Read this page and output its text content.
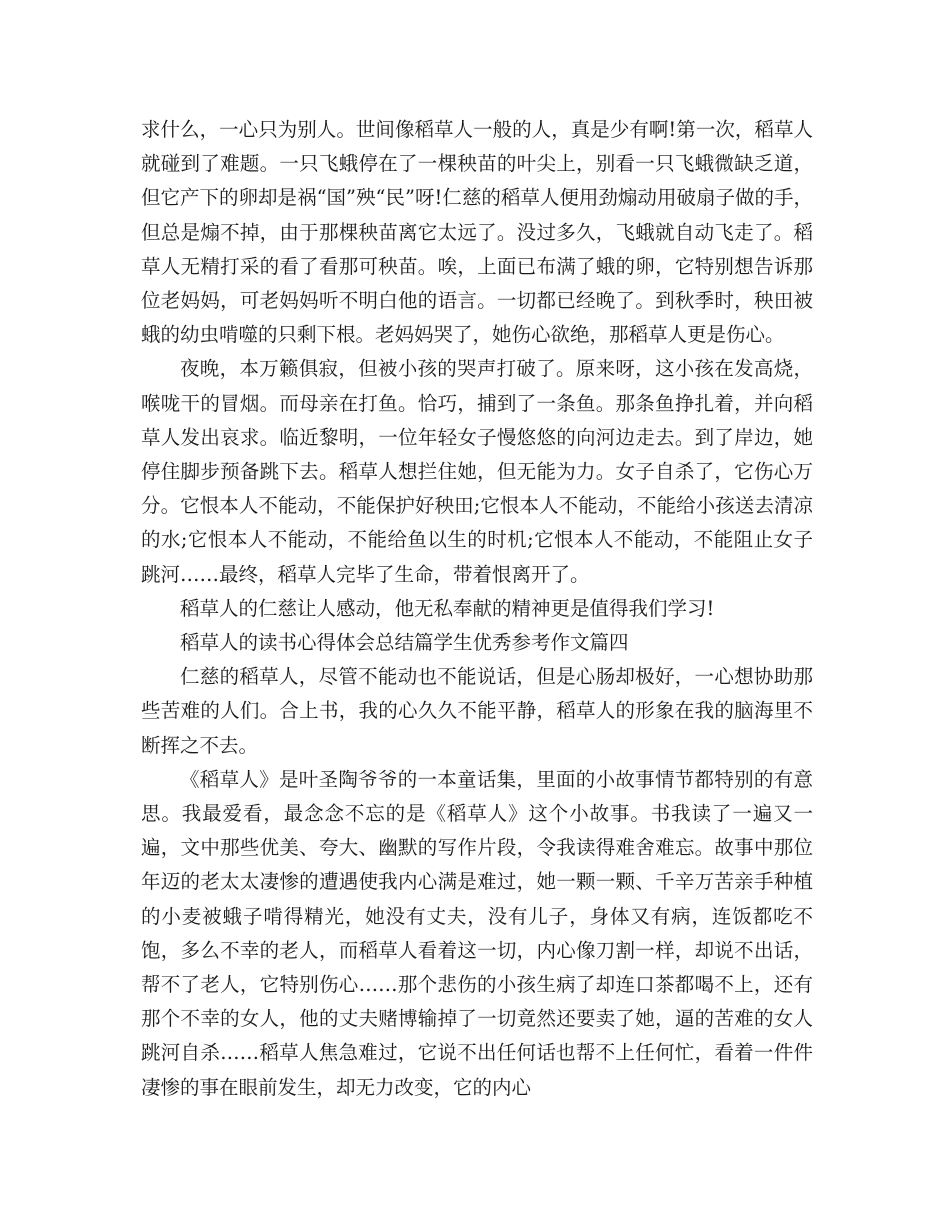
求什么，一心只为别人。世间像稻草人一般的人，真是少有啊!第一次，稻草人就碰到了难题。一只飞蛾停在了一棵秧苗的叶尖上，别看一只飞蛾微缺乏道，但它产下的卵却是祸“国”殃“民”呀!仁慈的稻草人便用劲煽动用破扇子做的手，但总是煽不掉，由于那棵秧苗离它太远了。没过多久，飞蛾就自动飞走了。稻草人无精打采的看了看那可秧苗。唉，上面已布满了蛾的卵，它特别想告诉那位老妈妈，可老妈妈听不明白他的语言。一切都已经晚了。到秋季时，秧田被蛾的幼虫啃噬的只剩下根。老妈妈哭了，她伤心欲绝，那稻草人更是伤心。

夜晚，本万籁俱寂，但被小孩的哭声打破了。原来呀，这小孩在发高烧，喉咙干的冒烟。而母亲在打鱼。恰巧，捕到了一条鱼。那条鱼挣扎着，并向稻草人发出哀求。临近黎明，一位年轻女子慢悠悠的向河边走去。到了岸边，她停住脚步预备跳下去。稻草人想拦住她，但无能为力。女子自杀了，它伤心万分。它恨本人不能动，不能保护好秧田;它恨本人不能动，不能给小孩送去清凉的水;它恨本人不能动，不能给鱼以生的时机;它恨本人不能动，不能阻止女子跳河……最终，稻草人完毕了生命，带着恨离开了。

稻草人的仁慈让人感动，他无私奉献的精神更是值得我们学习!

稻草人的读书心得体会总结篇学生优秀参考作文篇四

仁慈的稻草人，尽管不能动也不能说话，但是心肠却极好，一心想协助那些苦难的人们。合上书，我的心久久不能平静，稻草人的形象在我的脑海里不断挥之不去。

《稻草人》是叶圣陶爷爷的一本童话集，里面的小故事情节都特别的有意思。我最爱看，最念念不忘的是《稻草人》这个小故事。书我读了一遍又一遍，文中那些优美、夸大、幽默的写作片段，令我读得难舍难忘。故事中那位年迈的老太太凄惨的遭遇使我内心满是难过，她一颗一颗、千辛万苦亲手种植的小麦被蛾子啃得精光，她没有丈夫，没有儿子，身体又有病，连饭都吃不饱，多么不幸的老人，而稻草人看着这一切，内心像刀割一样，却说不出话，帮不了老人，它特别伤心……那个悲伤的小孩生病了却连口茶都喝不上，还有那个不幸的女人，他的丈夫赌博输掉了一切竟然还要卖了她，逼的苦难的女人跳河自杀……稻草人焦急难过，它说不出任何话也帮不上任何忙，看着一件件凄惨的事在眼前发生，却无力改变，它的内心
